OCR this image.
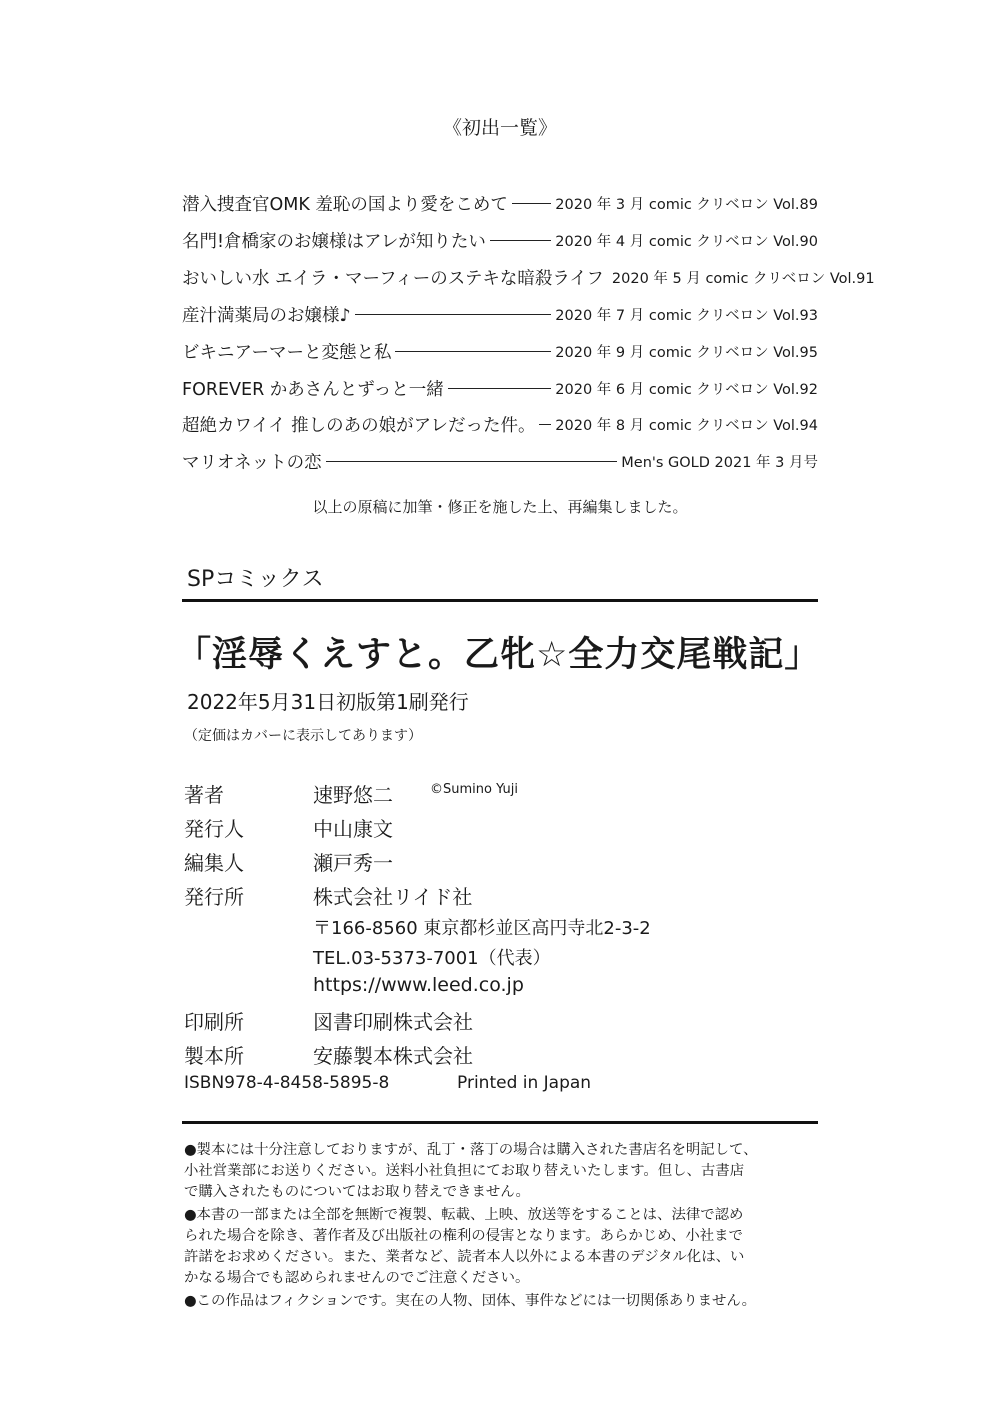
《初出一覧》
潜入捜査官OMK 羞恥の国より愛をこめて	2020 年 3 月 comic クリベロン Vol.89
名門!倉橋家のお嬢様はアレが知りたい	2020 年 4 月 comic クリベロン Vol.90
おいしい水 エイラ・マーフィーのステキな暗殺ライフ 2020 年 5 月 comic クリベロン Vol.91
産汁満薬局のお嬢様♪	2020 年 7 月 comic クリベロン Vol.93
ビキニアーマーと変態と私	2020 年 9 月 comic クリベロン Vol.95
FOREVER かあさんとずっと一緒	2020 年 6 月 comic クリベロン Vol.92
超絶カワイイ 推しのあの娘がアレだった件。 2020 年 8 月 comic クリベロン Vol.94
マリオネットの恋	Men's GOLD 2021 年 3 月号
以上の原稿に加筆・修正を施した上、再編集しました。
SPコミックス
「淫辱くえすと。乙牝☆全力交尾戦記」
2022年5月31日初版第1刷発行
（定価はカバーに表示してあります）
著者	速野悠二	©Sumino Yuji
発行人	中山康文
編集人	瀬戸秀一
発行所	株式会社リイド社
〒166-8560 東京都杉並区高円寺北2-3-2
TEL.03-5373-7001（代表）
https://www.leed.co.jp
印刷所	図書印刷株式会社
製本所	安藤製本株式会社
ISBN978-4-8458-5895-8	Printed in Japan
●製本には十分注意しておりますが、乱丁・落丁の場合は購入された書店名を明記して、
小社営業部にお送りください。送料小社負担にてお取り替えいたします。但し、古書店
で購入されたものについてはお取り替えできません。
●本書の一部または全部を無断で複製、転載、上映、放送等をすることは、法律で認め
られた場合を除き、著作者及び出版社の権利の侵害となります。あらかじめ、小社まで
許諾をお求めください。また、業者など、読者本人以外による本書のデジタル化は、い
かなる場合でも認められませんのでご注意ください。
●この作品はフィクションです。実在の人物、団体、事件などには一切関係ありません。
